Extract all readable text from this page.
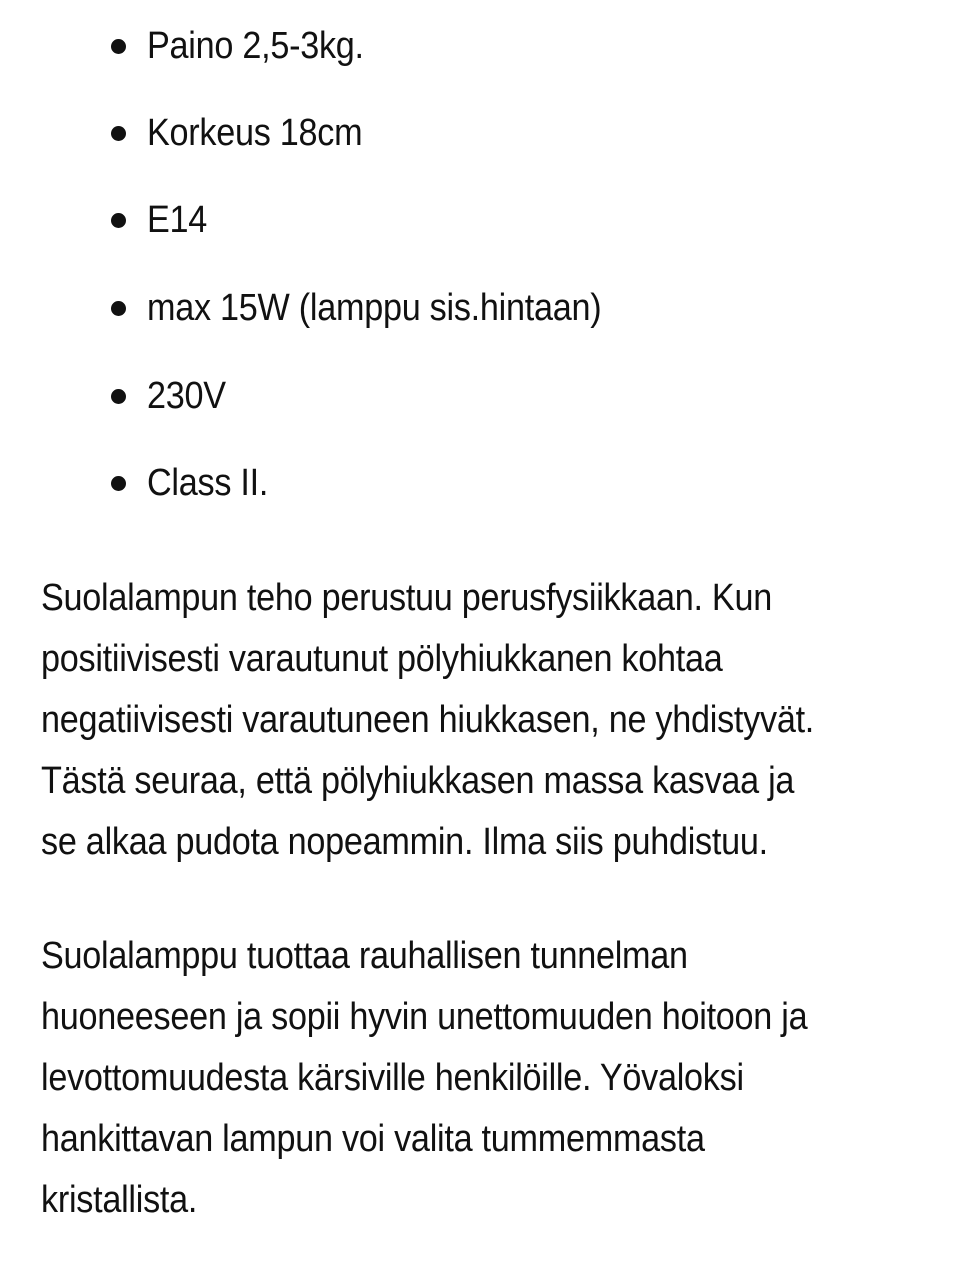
Paino 2,5-3kg.
Korkeus 18cm
E14
max 15W (lamppu sis.hintaan)
230V
Class II.

Suolalampun teho perustuu perusfysiikkaan. Kun
positiivisesti varautunut pölyhiukkanen kohtaa
negatiivisesti varautuneen hiukkasen, ne yhdistyvät.
Tästä seuraa, että pölyhiukkasen massa kasvaa ja
se alkaa pudota nopeammin. Ilma siis puhdistuu.

Suolalamppu tuottaa rauhallisen tunnelman
huoneeseen ja sopii hyvin unettomuuden hoitoon ja
levottomuudesta kärsiville henkilöille. Yövaloksi
hankittavan lampun voi valita tummemmasta
kristallista.
